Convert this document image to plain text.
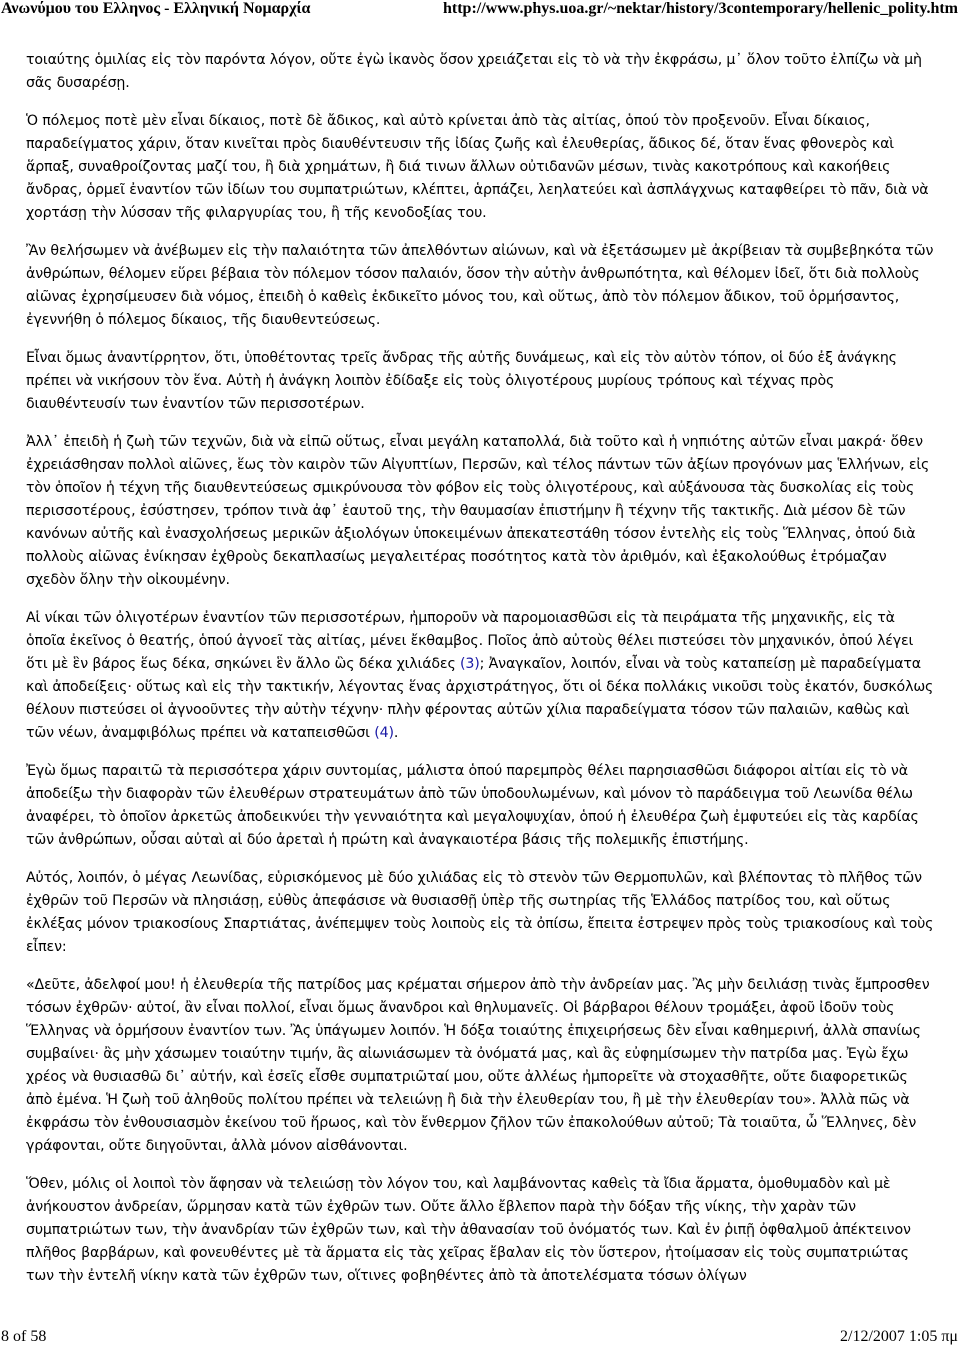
Ανωνύμου του Ελληνος - Ελληνική Νομαρχία	http://www.phys.uoa.gr/~nektar/history/3contemporary/hellenic_polity.htm

τοιαύτης ὁμιλίας εἰς τὸν παρόντα λόγον, οὔτε ἐγὼ ἱκανὸς ὅσον χρειάζεται εἰς τὸ νὰ τὴν ἐκφράσω, μ᾿ ὅλον τοῦτο ἐλπίζω νὰ μὴ σᾶς δυσαρέσῃ.

Ὁ πόλεμος ποτὲ μὲν εἶναι δίκαιος, ποτὲ δὲ ἄδικος, καὶ αὐτὸ κρίνεται ἀπὸ τὰς αἰτίας, ὁπού τὸν προξενοῦν. Εἶναι δίκαιος, παραδείγματος χάριν, ὅταν κινεῖται πρὸς διαυθέντευσιν τῆς ἰδίας ζωῆς καὶ ἐλευθερίας, ἄδικος δέ, ὅταν ἕνας φθονερὸς καὶ ἅρπαξ, συναθροίζοντας μαζί του, ἢ διὰ χρημάτων, ἢ διά τινων ἄλλων οὐτιδανῶν μέσων, τινὰς κακοτρόπους καὶ κακοήθεις ἄνδρας, ὁρμεῖ ἐναντίον τῶν ἰδίων του συμπατριώτων, κλέπτει, ἁρπάζει, λεηλατεύει καὶ ἀσπλάγχνως καταφθείρει τὸ πᾶν, διὰ νὰ χορτάσῃ τὴν λύσσαν τῆς φιλαργυρίας του, ἢ τῆς κενοδοξίας του.

Ἂν θελήσωμεν νὰ ἀνέβωμεν εἰς τὴν παλαιότητα τῶν ἀπελθόντων αἰώνων, καὶ νὰ ἐξετάσωμεν μὲ ἀκρίβειαν τὰ συμβεβηκότα τῶν ἀνθρώπων, θέλομεν εὕρει βέβαια τὸν πόλεμον τόσον παλαιόν, ὅσον τὴν αὐτὴν ἀνθρωπότητα, καὶ θέλομεν ἰδεῖ, ὅτι διὰ πολλοὺς αἰῶνας ἐχρησίμευσεν διὰ νόμος, ἐπειδὴ ὁ καθεὶς ἐκδικεῖτο μόνος του, καὶ οὕτως, ἀπὸ τὸν πόλεμον ἄδικον, τοῦ ὁρμήσαντος, ἐγεννήθη ὁ πόλεμος δίκαιος, τῆς διαυθεντεύσεως.

Εἶναι ὅμως ἀναντίρρητον, ὅτι, ὑποθέτοντας τρεῖς ἄνδρας τῆς αὐτῆς δυνάμεως, καὶ εἰς τὸν αὐτὸν τόπον, οἱ δύο ἐξ ἀνάγκης πρέπει νὰ νικήσουν τὸν ἕνα. Αὐτὴ ἡ ἀνάγκη λοιπὸν ἐδίδαξε εἰς τοὺς ὀλιγοτέρους μυρίους τρόπους καὶ τέχνας πρὸς διαυθέντευσίν των ἐναντίον τῶν περισσοτέρων.

Ἀλλ᾿ ἐπειδὴ ἡ ζωὴ τῶν τεχνῶν, διὰ νὰ εἰπῶ οὕτως, εἶναι μεγάλη καταπολλά, διὰ τοῦτο καὶ ἡ νηπιότης αὐτῶν εἶναι μακρά· ὅθεν ἐχρειάσθησαν πολλοὶ αἰῶνες, ἕως τὸν καιρὸν τῶν Αἰγυπτίων, Περσῶν, καὶ τέλος πάντων τῶν ἀξίων προγόνων μας Ἑλλήνων, εἰς τὸν ὁποῖον ἡ τέχνη τῆς διαυθεντεύσεως σμικρύνουσα τὸν φόβον εἰς τοὺς ὀλιγοτέρους, καὶ αὐξάνουσα τὰς δυσκολίας εἰς τοὺς περισσοτέρους, ἐσύστησεν, τρόπον τινὰ ἀφ᾿ ἑαυτοῦ της, τὴν θαυμασίαν ἐπιστήμην ἢ τέχνην τῆς τακτικῆς. Διὰ μέσον δὲ τῶν κανόνων αὐτῆς καὶ ἐνασχολήσεως μερικῶν ἀξιολόγων ὑποκειμένων ἀπεκατεστάθη τόσον ἐντελὴς εἰς τοὺς Ἕλληνας, ὁπού διὰ πολλοὺς αἰῶνας ἐνίκησαν ἐχθροὺς δεκαπλασίως μεγαλειτέρας ποσότητος κατὰ τὸν ἀριθμόν, καὶ ἐξακολούθως ἐτρόμαζαν σχεδὸν ὅλην τὴν οἰκουμένην.

Αἱ νίκαι τῶν ὀλιγοτέρων ἐναντίον τῶν περισσοτέρων, ἠμποροῦν νὰ παρομοιασθῶσι εἰς τὰ πειράματα τῆς μηχανικῆς, εἰς τὰ ὁποῖα ἐκεῖνος ὁ θεατής, ὁπού ἀγνοεῖ τὰς αἰτίας, μένει ἔκθαμβος. Ποῖος ἀπὸ αὐτοὺς θέλει πιστεύσει τὸν μηχανικόν, ὁπού λέγει ὅτι μὲ ἓν βάρος ἕως δέκα, σηκώνει ἓν ἄλλο ὣς δέκα χιλιάδες (3); Ἀναγκαῖον, λοιπόν, εἶναι νὰ τοὺς καταπείσῃ μὲ παραδείγματα καὶ ἀποδείξεις· οὕτως καὶ εἰς τὴν τακτικήν, λέγοντας ἕνας ἀρχιστράτηγος, ὅτι οἱ δέκα πολλάκις νικοῦσι τοὺς ἑκατόν, δυσκόλως θέλουν πιστεύσει οἱ ἀγνοοῦντες τὴν αὐτὴν τέχνην· πλὴν φέροντας αὐτῶν χίλια παραδείγματα τόσον τῶν παλαιῶν, καθὼς καὶ τῶν νέων, ἀναμφιβόλως πρέπει νὰ καταπεισθῶσι (4).

Ἐγὼ ὅμως παραιτῶ τὰ περισσότερα χάριν συντομίας, μάλιστα ὁπού παρεμπρὸς θέλει παρησιασθῶσι διάφοροι αἰτίαι εἰς τὸ νὰ ἀποδείξω τὴν διαφορὰν τῶν ἐλευθέρων στρατευμάτων ἀπὸ τῶν ὑποδουλωμένων, καὶ μόνον τὸ παράδειγμα τοῦ Λεωνίδα θέλω ἀναφέρει, τὸ ὁποῖον ἀρκετῶς ἀποδεικνύει τὴν γενναιότητα καὶ μεγαλοψυχίαν, ὁπού ἡ ἐλευθέρα ζωὴ ἐμφυτεύει εἰς τὰς καρδίας τῶν ἀνθρώπων, οὖσαι αὐταὶ αἱ δύο ἀρεταὶ ἡ πρώτη καὶ ἀναγκαιοτέρα βάσις τῆς πολεμικῆς ἐπιστήμης.

Αὐτός, λοιπόν, ὁ μέγας Λεωνίδας, εὑρισκόμενος μὲ δύο χιλιάδας εἰς τὸ στενὸν τῶν Θερμοπυλῶν, καὶ βλέποντας τὸ πλῆθος τῶν ἐχθρῶν τοῦ Περσῶν νὰ πλησιάσῃ, εὐθὺς ἀπεφάσισε νὰ θυσιασθῇ ὑπὲρ τῆς σωτηρίας τῆς Ἑλλάδος πατρίδος του, καὶ οὕτως ἐκλέξας μόνον τριακοσίους Σπαρτιάτας, ἀνέπεμψεν τοὺς λοιποὺς εἰς τὰ ὀπίσω, ἔπειτα ἐστρεψεν πρὸς τοὺς τριακοσίους καὶ τοὺς εἶπεν:

«Δεῦτε, ἀδελφοί μου! ἡ ἐλευθερία τῆς πατρίδος μας κρέμαται σήμερον ἀπὸ τὴν ἀνδρείαν μας. Ἂς μὴν δειλιάσῃ τινὰς ἔμπροσθεν τόσων ἐχθρῶν· αὐτοί, ἂν εἶναι πολλοί, εἶναι ὅμως ἄνανδροι καὶ θηλυμανεῖς. Οἱ βάρβαροι θέλουν τρομάξει, ἀφοῦ ἰδοῦν τοὺς Ἕλληνας νὰ ὁρμήσουν ἐναντίον των. Ἂς ὑπάγωμεν λοιπόν. Ἡ δόξα τοιαύτης ἐπιχειρήσεως δὲν εἶναι καθημερινή, ἀλλὰ σπανίως συμβαίνει· ἂς μὴν χάσωμεν τοιαύτην τιμήν, ἂς αἰωνιάσωμεν τὰ ὀνόματά μας, καὶ ἂς εὐφημίσωμεν τὴν πατρίδα μας. Ἐγὼ ἔχω χρέος νὰ θυσιασθῶ δι᾿ αὐτήν, καὶ ἐσεῖς εἶσθε συμπατριῶταί μου, οὔτε ἀλλέως ἠμπορεῖτε νὰ στοχασθῆτε, οὔτε διαφορετικῶς ἀπὸ ἐμένα. Ἡ ζωὴ τοῦ ἀληθοῦς πολίτου πρέπει νὰ τελειώνῃ ἢ διὰ τὴν ἐλευθερίαν του, ἢ μὲ τὴν ἐλευθερίαν του». Ἀλλὰ πῶς νὰ ἐκφράσω τὸν ἐνθουσιασμὸν ἐκείνου τοῦ ἥρωος, καὶ τὸν ἔνθερμον ζῆλον τῶν ἐπακολούθων αὐτοῦ; Τὰ τοιαῦτα, ὦ Ἕλληνες, δὲν γράφονται, οὔτε διηγοῦνται, ἀλλὰ μόνον αἰσθάνονται.

Ὅθεν, μόλις οἱ λοιποὶ τὸν ἄφησαν νὰ τελειώσῃ τὸν λόγον του, καὶ λαμβάνοντας καθεὶς τὰ ἴδια ἅρματα, ὁμοθυμαδὸν καὶ μὲ ἀνήκουστον ἀνδρείαν, ὥρμησαν κατὰ τῶν ἐχθρῶν των. Οὔτε ἄλλο ἔβλεπον παρὰ τὴν δόξαν τῆς νίκης, τὴν χαρὰν τῶν συμπατριώτων των, τὴν ἀνανδρίαν τῶν ἐχθρῶν των, καὶ τὴν ἀθανασίαν τοῦ ὀνόματός των. Καὶ ἐν ῥιπῇ ὀφθαλμοῦ ἀπέκτεινον πλῆθος βαρβάρων, καὶ φονευθέντες μὲ τὰ ἅρματα εἰς τὰς χεῖρας ἔβαλαν εἰς τὸν ὕστερον, ἠτοίμασαν εἰς τοὺς συμπατριώτας των τὴν ἐντελῆ νίκην κατὰ τῶν ἐχθρῶν των, οἵτινες φοβηθέντες ἀπὸ τὰ ἀποτελέσματα τόσων ὀλίγων

8 of 58	2/12/2007 1:05 πμ
